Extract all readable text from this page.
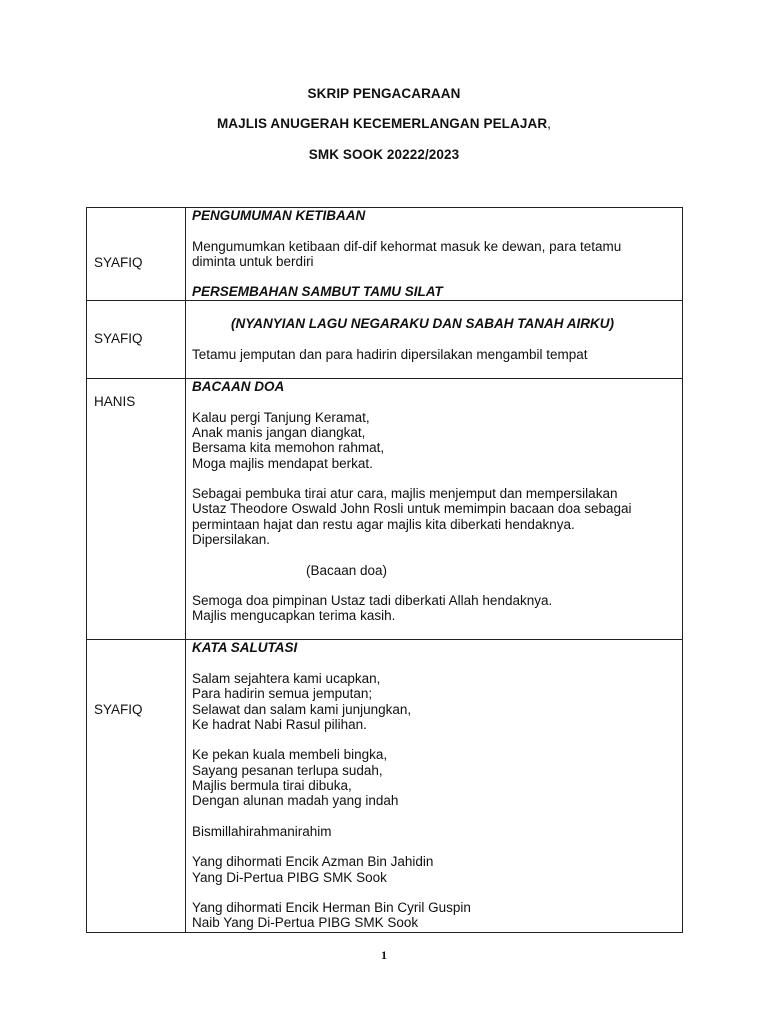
SKRIP PENGACARAAN
MAJLIS ANUGERAH KECEMERLANGAN PELAJAR,
SMK SOOK 20222/2023
SYAFIQ
PENGUMUMAN KETIBAAN
Mengumumkan ketibaan dif-dif kehormat masuk ke dewan, para tetamu
diminta untuk berdiri
PERSEMBAHAN SAMBUT TAMU SILAT
SYAFIQ
(NYANYIAN LAGU NEGARAKU DAN SABAH TANAH AIRKU)
Tetamu jemputan dan para hadirin dipersilakan mengambil tempat
HANIS
BACAAN DOA
Kalau pergi Tanjung Keramat,
Anak manis jangan diangkat,
Bersama kita memohon rahmat,
Moga majlis mendapat berkat.
Sebagai pembuka tirai atur cara, majlis menjemput dan mempersilakan
Ustaz Theodore Oswald John Rosli untuk memimpin bacaan doa sebagai
permintaan hajat dan restu agar majlis kita diberkati hendaknya.
Dipersilakan.
(Bacaan doa)
Semoga doa pimpinan Ustaz tadi diberkati Allah hendaknya.
Majlis mengucapkan terima kasih.
SYAFIQ
KATA SALUTASI
Salam sejahtera kami ucapkan,
Para hadirin semua jemputan;
Selawat dan salam kami junjungkan,
Ke hadrat Nabi Rasul pilihan.
Ke pekan kuala membeli bingka,
Sayang pesanan terlupa sudah,
Majlis bermula tirai dibuka,
Dengan alunan madah yang indah
Bismillahirahmanirahim
Yang dihormati Encik Azman Bin Jahidin
Yang Di-Pertua PIBG SMK Sook
Yang dihormati Encik Herman Bin Cyril Guspin
Naib Yang Di-Pertua PIBG SMK Sook
1
